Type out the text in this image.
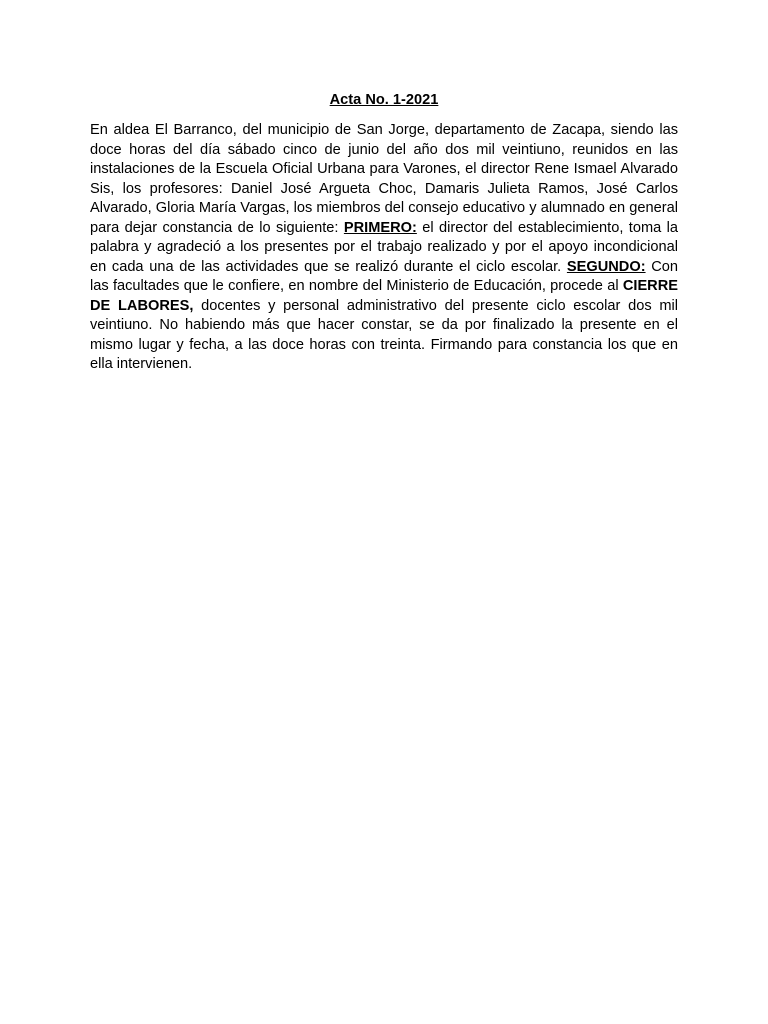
Acta No. 1-2021

En aldea El Barranco, del municipio de San Jorge, departamento de Zacapa, siendo las doce horas del día sábado cinco de junio del año dos mil veintiuno, reunidos en las instalaciones de la Escuela Oficial Urbana para Varones, el director Rene Ismael Alvarado Sis, los profesores: Daniel José Argueta Choc, Damaris Julieta Ramos, José Carlos Alvarado, Gloria María Vargas, los miembros del consejo educativo y alumnado en general para dejar constancia de lo siguiente: PRIMERO: el director del establecimiento, toma la palabra y agradeció a los presentes por el trabajo realizado y por el apoyo incondicional en cada una de las actividades que se realizó durante el ciclo escolar. SEGUNDO: Con las facultades que le confiere, en nombre del Ministerio de Educación, procede al CIERRE DE LABORES, docentes y personal administrativo del presente ciclo escolar dos mil veintiuno. No habiendo más que hacer constar, se da por finalizado la presente en el mismo lugar y fecha, a las doce horas con treinta. Firmando para constancia los que en ella intervienen.
